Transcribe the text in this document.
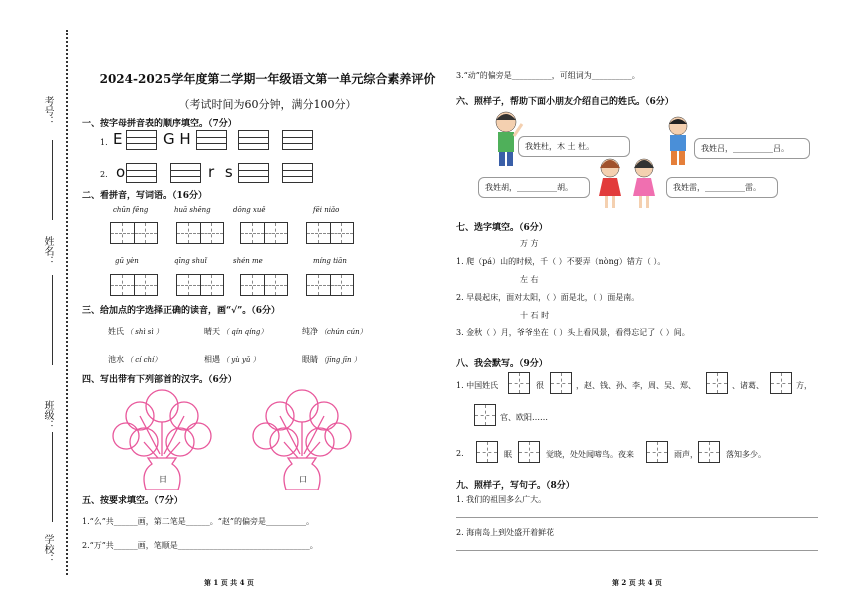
考号：
姓名：
班级：
学校：
2024-2025学年度第二学期一年级语文第一单元综合素养评价
（考试时间为60分钟，满分100分）
一、按字母拼音表的顺序填空。（7分）
1. E	G H
2. o	r s
二、看拼音，写词语。（16分）
chūn fēng	huā shēng	dōng xuě	fēi niǎo
gū yèn	qīng shuǐ	shén me	míng tiān
三、给加点的字选择正确的读音，画“√”。（6分）
姓氏 （ shì sì ）	晴天 （ qín qíng）	纯净 （chún cún）
池水 （ cí chí）	相遇 （ yù yǔ ）	眼睛 （jīng jīn ）
四、写出带有下列部首的汉字。（6分）
日	口
五、按要求填空。（7分）
1.“么”共______画，第二笔是______。“赵”的偏旁是__________。
2.“万”共______画，笔顺是_________________________________。
第 1 页 共 4 页
3.“动”的偏旁是__________，可组词为__________。
六、照样子，帮助下面小朋友介绍自己的姓氏。（6分）
我姓杜，木 土 杜。	我姓吕，__________吕。
我姓胡，__________胡。	我姓雷，__________雷。
七、选字填空。（6分）
万 方
1. 爬（pá）山的时候，千（ ）不要弄（nòng）错方（ ）。
左 右
2. 早晨起床，面对太阳，（ ）面是北，（ ）面是南。
十 石 时
3. 金秋（ ）月，爷爷坐在（ ）头上看风景，看得忘记了（ ）间。
八、我会默写。（9分）
1. 中国姓氏	很	，赵、钱、孙、李，周、吴、郑、	、诸葛、	方，
官、欧阳……
2.	眠	觉晓，处处闻啼鸟。夜来	雨声，	落知多少。
九、照样子，写句子。（8分）
1. 我们的祖国多么广大。
2. 海南岛上到处盛开着鲜花
第 2 页 共 4 页
